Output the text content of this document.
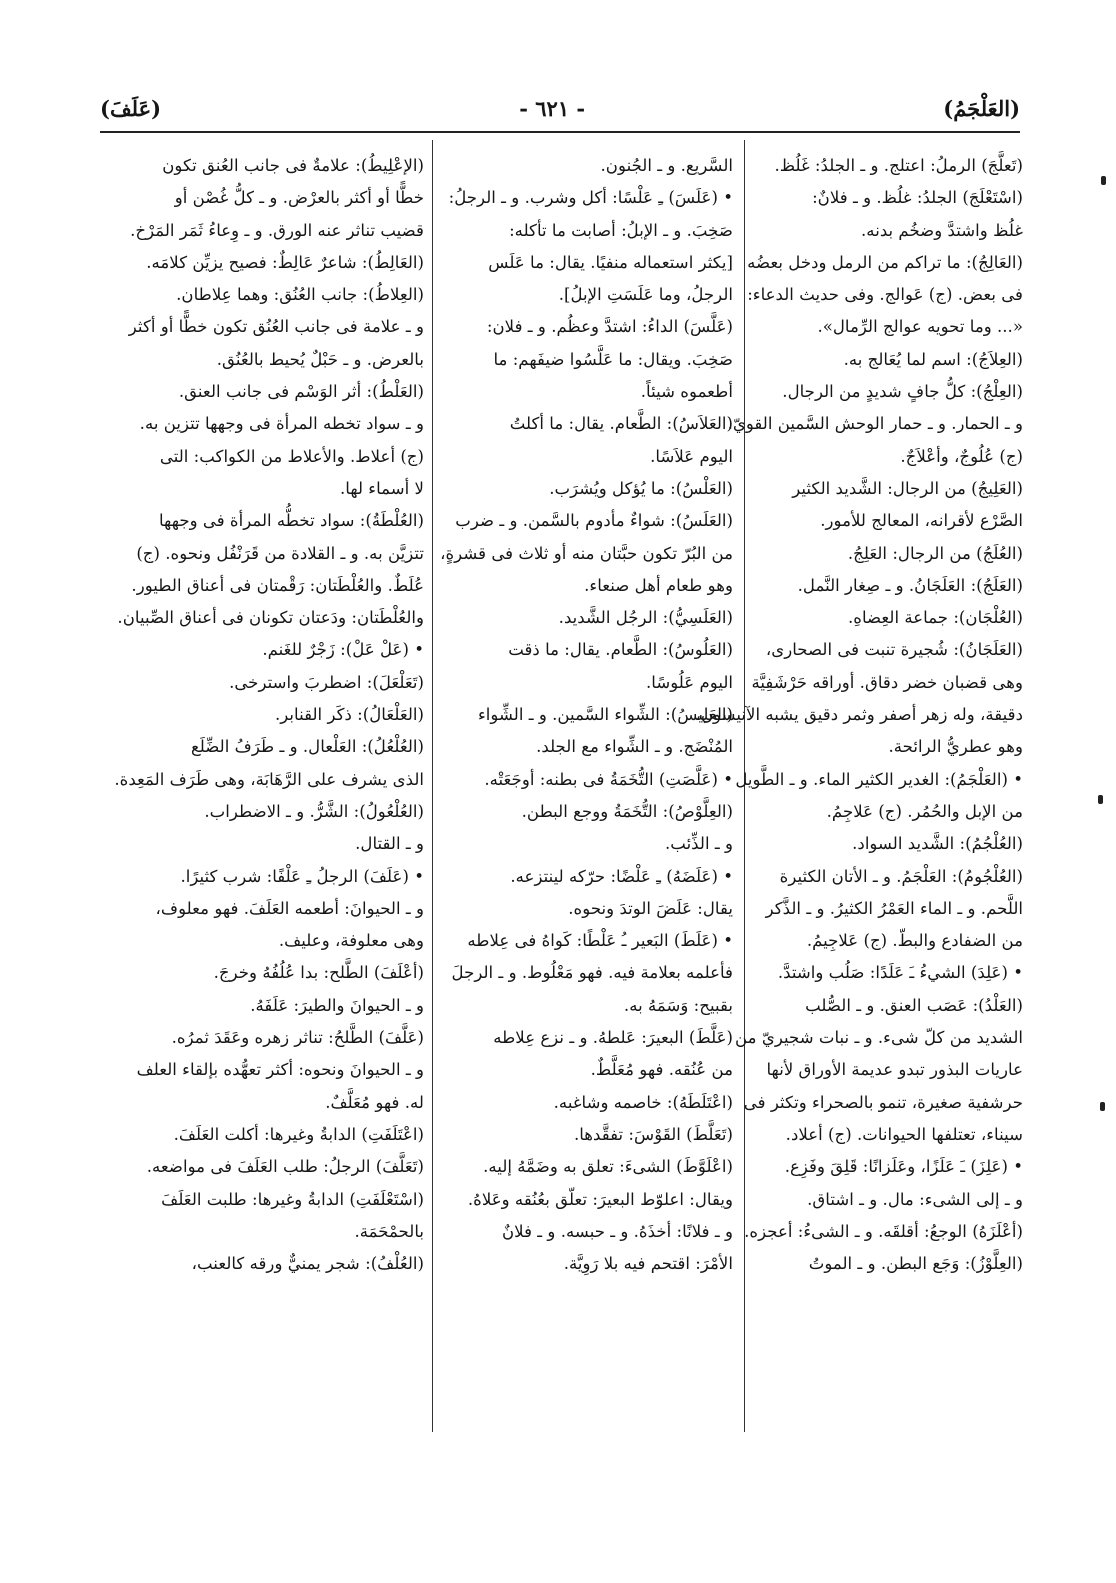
(عَلَفَ)	- ٦٢١ -	(العَلْجَمُ)
(تَعلَّجَ) الرملُ: اعتلج. و ـ الجلدُ: غَلُظ.
(اسْتَعْلَجَ) الجلدُ: غلُظ. و ـ فلانٌ:
غلُظ واشتدَّ وضخُم بدنه.
(العَالِجُ): ما تراكم من الرمل ودخل بعضُه
فى بعض. (ج) عَوالج. وفى حديث الدعاء:
«... وما تحويه عوالج الرِّمال».
(العِلاَجُ): اسم لما يُعَالج به.
(العِلْجُ): كلُّ جافٍ شديدٍ من الرجال.
و ـ الحمار. و ـ حمار الوحش السَّمين القويّ.
(ج) عُلُوجٌ، وأعْلاَجٌ.
(العَلِيجُ) من الرجال: الشَّديد الكثير
الصَّرْع لأقرانه، المعالج للأمور.
(العُلَجُ) من الرجال: العَلِجُ.
(العَلَجُ): العَلَجَانُ. و ـ صِغار النَّمل.
(العُلْجَان): جماعة العِضاهِ.
(العَلَجَانُ): شُجيرة تنبت فى الصحارى،
وهى قضبان خضر دقاق. أوراقه حَرْشَفِيَّة
دقيقة، وله زهر أصفر وثمر دقيق يشبه الآنيسون،
وهو عطريُّ الرائحة.
• (العَلْجَمُ): الغدير الكثير الماء. و ـ الطَّويل
من الإبل والحُمُر. (ج) عَلاجِمُ.
(العُلْجُمُ): الشَّديد السواد.
(العُلْجُومُ): العَلْجَمُ. و ـ الأتان الكثيرة
اللَّحم. و ـ الماء العَمْرُ الكثيرُ. و ـ الذَّكر
من الضفادع والبطّ. (ج) عَلاجِيمُ.
• (عَلِدَ) الشيءُ ـَ عَلَدًا: صَلُب واشتدَّ.
(العَلْدُ): عَصَب العنق. و ـ الصُّلب
الشديد من كلّ شىء. و ـ نبات شجيريّ من
عاريات البذور تبدو عديمة الأوراق لأنها
حرشفية صغيرة، تنمو بالصحراء وتكثر فى
سيناء، تعتلفها الحيوانات. (ج) أعلاد.
• (عَلِزَ) ـَ عَلَزًا، وعَلَزانًا: قَلِقَ وفَزِع.
و ـ إلى الشىء: مال. و ـ اشتاق.
(أعْلَزَهُ) الوجعُ: أقلقَه. و ـ الشىءُ: أعجزه.
(العِلَّوْزُ): وَجَع البطن. و ـ الموتُ
السَّريع. و ـ الجُنون.
• (عَلَسَ) ـِ عَلْسًا: أكل وشرب. و ـ الرجلُ:
صَخِبَ. و ـ الإبلُ: أصابت ما تأكله:
[يكثر استعماله منفيًا. يقال: ما عَلَس
الرجلُ، وما عَلَسَتِ الإبلُ].
(عَلَّسَ) الداءُ: اشتدَّ وعظُم. و ـ فلان:
صَخِبَ. ويقال: ما عَلَّسُوا ضيفَهم: ما
أطعموه شيئاً.
(العَلاَسُ): الطَّعام. يقال: ما أكلتُ
اليوم عَلاَسًا.
(العَلْسُ): ما يُؤكل ويُشرَب.
(العَلَسُ): شواءٌ مأدوم بالسَّمن. و ـ ضرب
من البُرّ تكون حبَّتان منه أو ثلاث فى قشرةٍ،
وهو طعام أهل صنعاء.
(العَلَسِيُّ): الرجُل الشَّديد.
(العَلُوسُ): الطَّعام. يقال: ما ذقت
اليوم عَلُوسًا.
(العَلِيسُ): الشِّواء السَّمين. و ـ الشِّواء
المُنْضَج. و ـ الشِّواء مع الجلد.
• (عَلَّصَتِ) التُّخَمَةُ فى بطنه: أوجَعَتْه.
(العِلَّوْصُ): التُّخَمَةُ ووجع البطن.
و ـ الذِّئب.
• (عَلَضَهُ) ـِ عَلْضًا: حرّكه لينتزعه.
يقال: عَلَضَ الوتدَ ونحوه.
• (عَلَطَ) البَعير ـُ عَلْطًا: كَواهُ فى عِلاطه
فأعلمه بعلامة فيه. فهو مَعْلُوط. و ـ الرجلَ
بقبيح: وَسَمَهُ به.
(عَلَّطَ) البعيرَ: عَلطهُ. و ـ نزع عِلاطه
من عُنُقه. فهو مُعَلَّطٌ.
(اعْتَلَطَهُ): خاصمه وشاغبه.
(تَعَلَّطَ) القَوْسَ: تفقَّدها.
(اعْلَوَّطَ) الشىءَ: تعلق به وضَمَّهُ إليه.
ويقال: اعلوّط البعيرَ: تعلّق بعُنُقه وعَلاهُ.
و ـ فلانًا: أخذَهُ. و ـ حبسه. و ـ فلانٌ
الأمْرَ: اقتحم فيه بلا رَوِيَّة.
(الإعْلِيطُ): علامةٌ فى جانب العُنق تكون
خطًّا أو أكثر بالعرْض. و ـ كلُّ غُصْن أو
قضيب تناثر عنه الورق. و ـ وِعاءُ ثَمَر المَرْخ.
(العَالِطُ): شاعرٌ عَالِطٌ: فصيح يزيِّن كلامَه.
(العِلاطُ): جانب العُنُق: وهما عِلاطان.
و ـ علامة فى جانب العُنُق تكون خطًّا أو أكثر
بالعرض. و ـ حَبْلٌ يُحيط بالعُنُق.
(العَلْطُ): أثر الوَسْم فى جانب العنق.
و ـ سواد تخطه المرأة فى وجهها تتزين به.
(ج) أعلاط. والأعلاط من الكواكب: التى
لا أسماء لها.
(العُلْطَةُ): سواد تخطُّه المرأة فى وجهها
تتزيَّن به. و ـ القلادة من قَرَنْفُل ونحوه. (ج)
عُلَطٌ. والعُلْطَتان: رَقْمتان فى أعناق الطيور.
والعُلْطَتان: ودَعتان تكونان فى أعناق الصِّبيان.
• (عَلْ عَلْ): زَجْرٌ للغَنم.
(تَعَلْعَلَ): اضطربَ واسترخى.
(العَلْعَالُ): ذكَر القنابر.
(العُلْعُلُ): العَلْعال. و ـ طَرَفُ الضِّلَع
الذى يشرف على الرَّهَابَة، وهى طَرَف المَعِدة.
(العُلْعُولُ): الشَّرُّ. و ـ الاضطراب.
و ـ القتال.
• (عَلَفَ) الرجلُ ـِ عَلْفًا: شرب كثيرًا.
و ـ الحيوانَ: أطعمه العَلَفَ. فهو معلوف،
وهى معلوفة، وعليف.
(أعْلَفَ) الطَّلح: بدا عُلُفُهُ وخرجَ.
و ـ الحيوانَ والطيرَ: عَلَفَهُ.
(عَلَّفَ) الطَّلحُ: تناثر زهره وعَقَدَ ثمرُه.
و ـ الحيوانَ ونحوه: أكثر تعهُّده بإلقاء العلف
له. فهو مُعَلَّفٌ.
(اعْتَلَفَتِ) الدابةُ وغيرها: أكلت العَلَفَ.
(تَعَلَّفَ) الرجلُ: طلب العَلَفَ فى مواضعه.
(اسْتَعْلَفَتِ) الدابةُ وغيرها: طلبت العَلَفَ
بالحمْحَمَة.
(العُلْفُ): شجر يمنيٌّ ورقه كالعنب،
